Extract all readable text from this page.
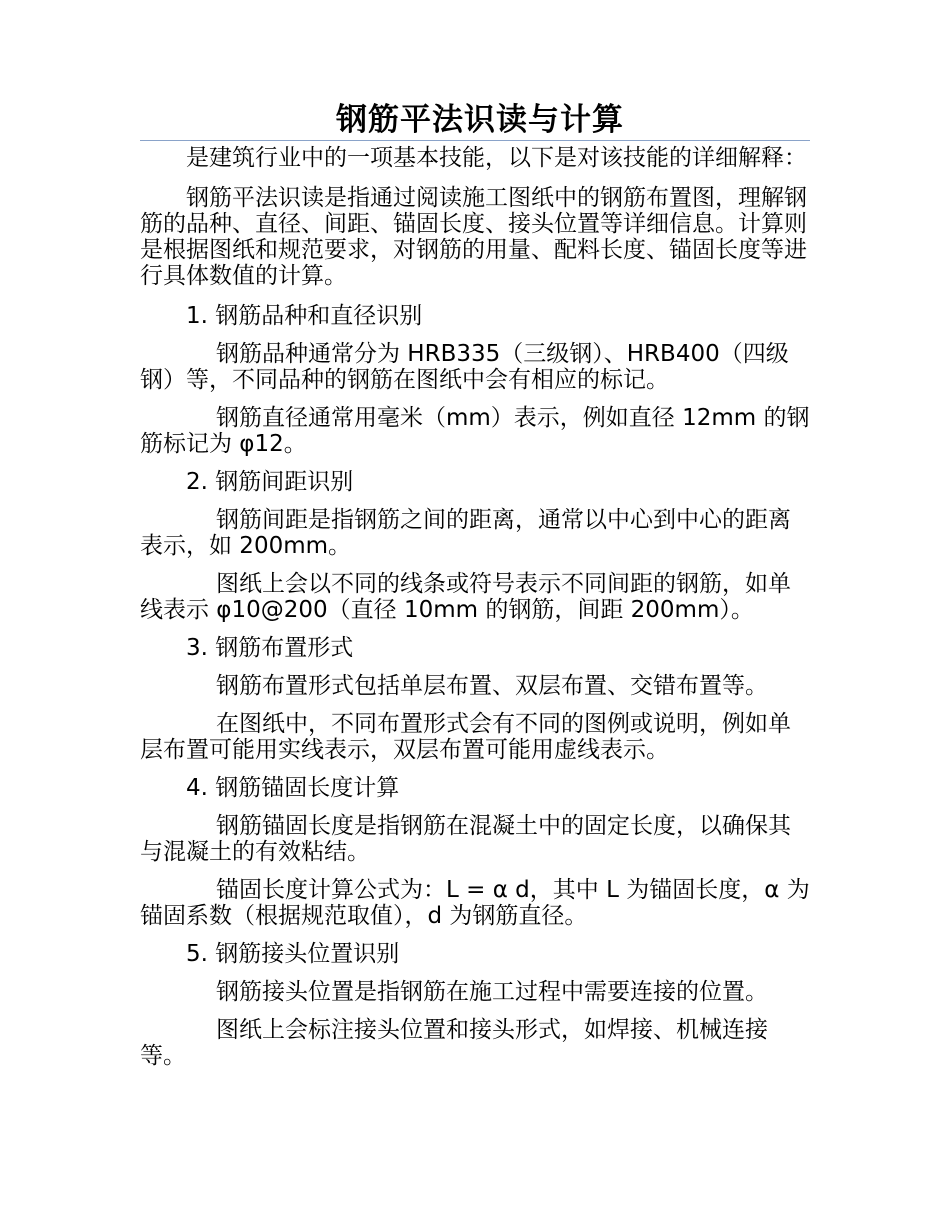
钢筋平法识读与计算

是建筑行业中的一项基本技能，以下是对该技能的详细解释：

钢筋平法识读是指通过阅读施工图纸中的钢筋布置图，理解钢筋的品种、直径、间距、锚固长度、接头位置等详细信息。计算则是根据图纸和规范要求，对钢筋的用量、配料长度、锚固长度等进行具体数值的计算。

1. 钢筋品种和直径识别

钢筋品种通常分为 HRB335（三级钢）、HRB400（四级钢）等，不同品种的钢筋在图纸中会有相应的标记。

钢筋直径通常用毫米（mm）表示，例如直径 12mm 的钢筋标记为 φ12。

2. 钢筋间距识别

钢筋间距是指钢筋之间的距离，通常以中心到中心的距离表示，如 200mm。

图纸上会以不同的线条或符号表示不同间距的钢筋，如单线表示 φ10@200（直径 10mm 的钢筋，间距 200mm）。

3. 钢筋布置形式

钢筋布置形式包括单层布置、双层布置、交错布置等。

在图纸中，不同布置形式会有不同的图例或说明，例如单层布置可能用实线表示，双层布置可能用虚线表示。

4. 钢筋锚固长度计算

钢筋锚固长度是指钢筋在混凝土中的固定长度，以确保其与混凝土的有效粘结。

锚固长度计算公式为：L = α d，其中 L 为锚固长度，α 为锚固系数（根据规范取值），d 为钢筋直径。

5. 钢筋接头位置识别

钢筋接头位置是指钢筋在施工过程中需要连接的位置。

图纸上会标注接头位置和接头形式，如焊接、机械连接等。
